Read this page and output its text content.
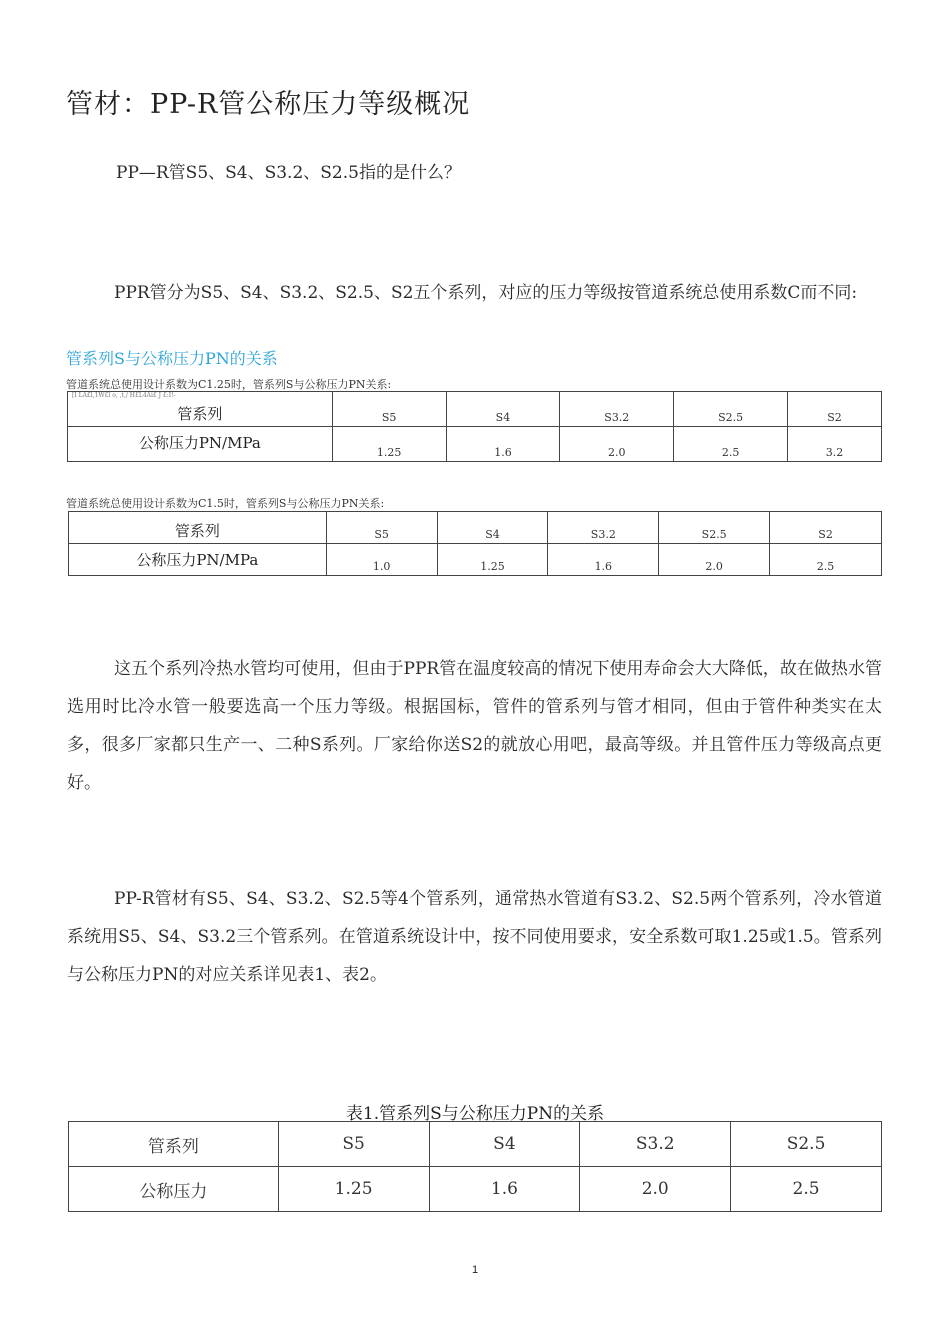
管材：PP-R管公称压力等级概况
PP—R管S5、S4、S3.2、S2.5指的是什么？
PPR管分为S5、S4、S3.2、S2.5、S2五个系列，对应的压力等级按管道系统总使用系数C而不同:
管系列S与公称压力PN的关系
管道系统总使用设计系数为C1.25时，管系列S与公称压力PN关系:
管系列	S5	S4	S3.2	S2.5	S2
公称压力PN/MPa	1.25	1.6	2.0	2.5	3.2
[I LA£l,1W£l o, ,t,/ H£L4Ai£ J £:I!-
管道系统总使用设计系数为C1.5时，管系列S与公称压力PN关系:
管系列	S5	S4	S3.2	S2.5	S2
公称压力PN/MPa	1.0	1.25	1.6	2.0	2.5
这五个系列冷热水管均可使用，但由于PPR管在温度较高的情况下使用寿命会大大降低，故在做热水管选用时比冷水管一般要选高一个压力等级。根据国标，管件的管系列与管才相同，但由于管件种类实在太多，很多厂家都只生产一、二种S系列。厂家给你送S2的就放心用吧，最高等级。并且管件压力等级高点更好。
PP-R管材有S5、S4、S3.2、S2.5等4个管系列，通常热水管道有S3.2、S2.5两个管系列，冷水管道系统用S5、S4、S3.2三个管系列。在管道系统设计中，按不同使用要求，安全系数可取1.25或1.5。管系列与公称压力PN的对应关系详见表1、表2。
表1.管系列S与公称压力PN的关系
管系列	S5	S4	S3.2	S2.5
公称压力	1.25	1.6	2.0	2.5
1
